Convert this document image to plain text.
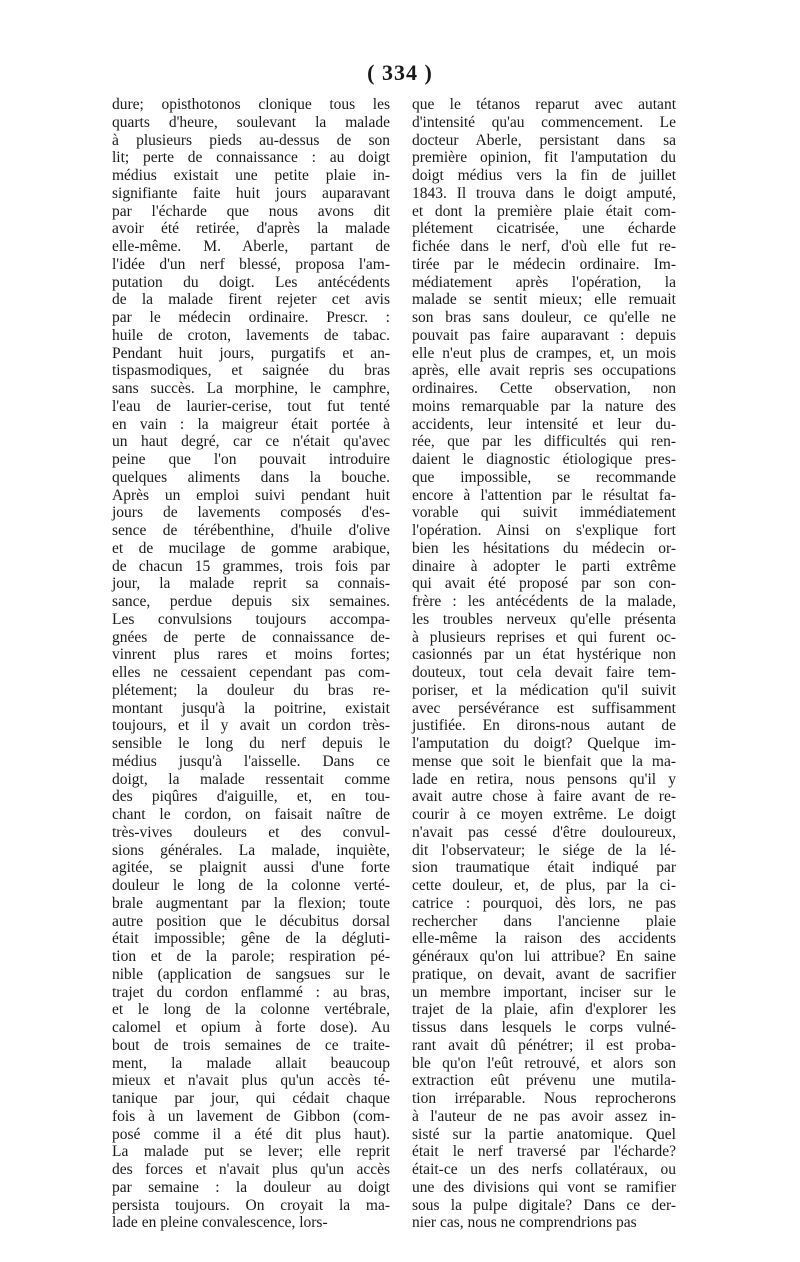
( 334 )
dure; opisthotonos clonique tous les
quarts d'heure, soulevant la malade
à plusieurs pieds au-dessus de son
lit; perte de connaissance : au doigt
médius existait une petite plaie in-
signifiante faite huit jours auparavant
par l'écharde que nous avons dit
avoir été retirée, d'après la malade
elle-même. M. Aberle, partant de
l'idée d'un nerf blessé, proposa l'am-
putation du doigt. Les antécédents
de la malade firent rejeter cet avis
par le médecin ordinaire. Prescr. :
huile de croton, lavements de tabac.
Pendant huit jours, purgatifs et an-
tispasmodiques, et saignée du bras
sans succès. La morphine, le camphre,
l'eau de laurier-cerise, tout fut tenté
en vain : la maigreur était portée à
un haut degré, car ce n'était qu'avec
peine que l'on pouvait introduire
quelques aliments dans la bouche.
Après un emploi suivi pendant huit
jours de lavements composés d'es-
sence de térébenthine, d'huile d'olive
et de mucilage de gomme arabique,
de chacun 15 grammes, trois fois par
jour, la malade reprit sa connais-
sance, perdue depuis six semaines.
Les convulsions toujours accompa-
gnées de perte de connaissance de-
vinrent plus rares et moins fortes;
elles ne cessaient cependant pas com-
plétement; la douleur du bras re-
montant jusqu'à la poitrine, existait
toujours, et il y avait un cordon très-
sensible le long du nerf depuis le
médius jusqu'à l'aisselle. Dans ce
doigt, la malade ressentait comme
des piqûres d'aiguille, et, en tou-
chant le cordon, on faisait naître de
très-vives douleurs et des convul-
sions générales. La malade, inquiète,
agitée, se plaignit aussi d'une forte
douleur le long de la colonne verté-
brale augmentant par la flexion; toute
autre position que le décubitus dorsal
était impossible; gêne de la dégluti-
tion et de la parole; respiration pé-
nible (application de sangsues sur le
trajet du cordon enflammé : au bras,
et le long de la colonne vertébrale,
calomel et opium à forte dose). Au
bout de trois semaines de ce traite-
ment, la malade allait beaucoup
mieux et n'avait plus qu'un accès té-
tanique par jour, qui cédait chaque
fois à un lavement de Gibbon (com-
posé comme il a été dit plus haut).
La malade put se lever; elle reprit
des forces et n'avait plus qu'un accès
par semaine : la douleur au doigt
persista toujours. On croyait la ma-
lade en pleine convalescence, lors-
que le tétanos reparut avec autant
d'intensité qu'au commencement. Le
docteur Aberle, persistant dans sa
première opinion, fit l'amputation du
doigt médius vers la fin de juillet
1843. Il trouva dans le doigt amputé,
et dont la première plaie était com-
plétement cicatrisée, une écharde
fichée dans le nerf, d'où elle fut re-
tirée par le médecin ordinaire. Im-
médiatement après l'opération, la
malade se sentit mieux; elle remuait
son bras sans douleur, ce qu'elle ne
pouvait pas faire auparavant : depuis
elle n'eut plus de crampes, et, un mois
après, elle avait repris ses occupations
ordinaires. Cette observation, non
moins remarquable par la nature des
accidents, leur intensité et leur du-
rée, que par les difficultés qui ren-
daient le diagnostic étiologique pres-
que impossible, se recommande
encore à l'attention par le résultat fa-
vorable qui suivit immédiatement
l'opération. Ainsi on s'explique fort
bien les hésitations du médecin or-
dinaire à adopter le parti extrême
qui avait été proposé par son con-
frère : les antécédents de la malade,
les troubles nerveux qu'elle présenta
à plusieurs reprises et qui furent oc-
casionnés par un état hystérique non
douteux, tout cela devait faire tem-
poriser, et la médication qu'il suivit
avec persévérance est suffisamment
justifiée. En dirons-nous autant de
l'amputation du doigt? Quelque im-
mense que soit le bienfait que la ma-
lade en retira, nous pensons qu'il y
avait autre chose à faire avant de re-
courir à ce moyen extrême. Le doigt
n'avait pas cessé d'être douloureux,
dit l'observateur; le siége de la lé-
sion traumatique était indiqué par
cette douleur, et, de plus, par la ci-
catrice : pourquoi, dès lors, ne pas
rechercher dans l'ancienne plaie
elle-même la raison des accidents
généraux qu'on lui attribue? En saine
pratique, on devait, avant de sacrifier
un membre important, inciser sur le
trajet de la plaie, afin d'explorer les
tissus dans lesquels le corps vulné-
rant avait dû pénétrer; il est proba-
ble qu'on l'eût retrouvé, et alors son
extraction eût prévenu une mutila-
tion irréparable. Nous reprocherons
à l'auteur de ne pas avoir assez in-
sisté sur la partie anatomique. Quel
était le nerf traversé par l'écharde?
était-ce un des nerfs collatéraux, ou
une des divisions qui vont se ramifier
sous la pulpe digitale? Dans ce der-
nier cas, nous ne comprendrions pas
